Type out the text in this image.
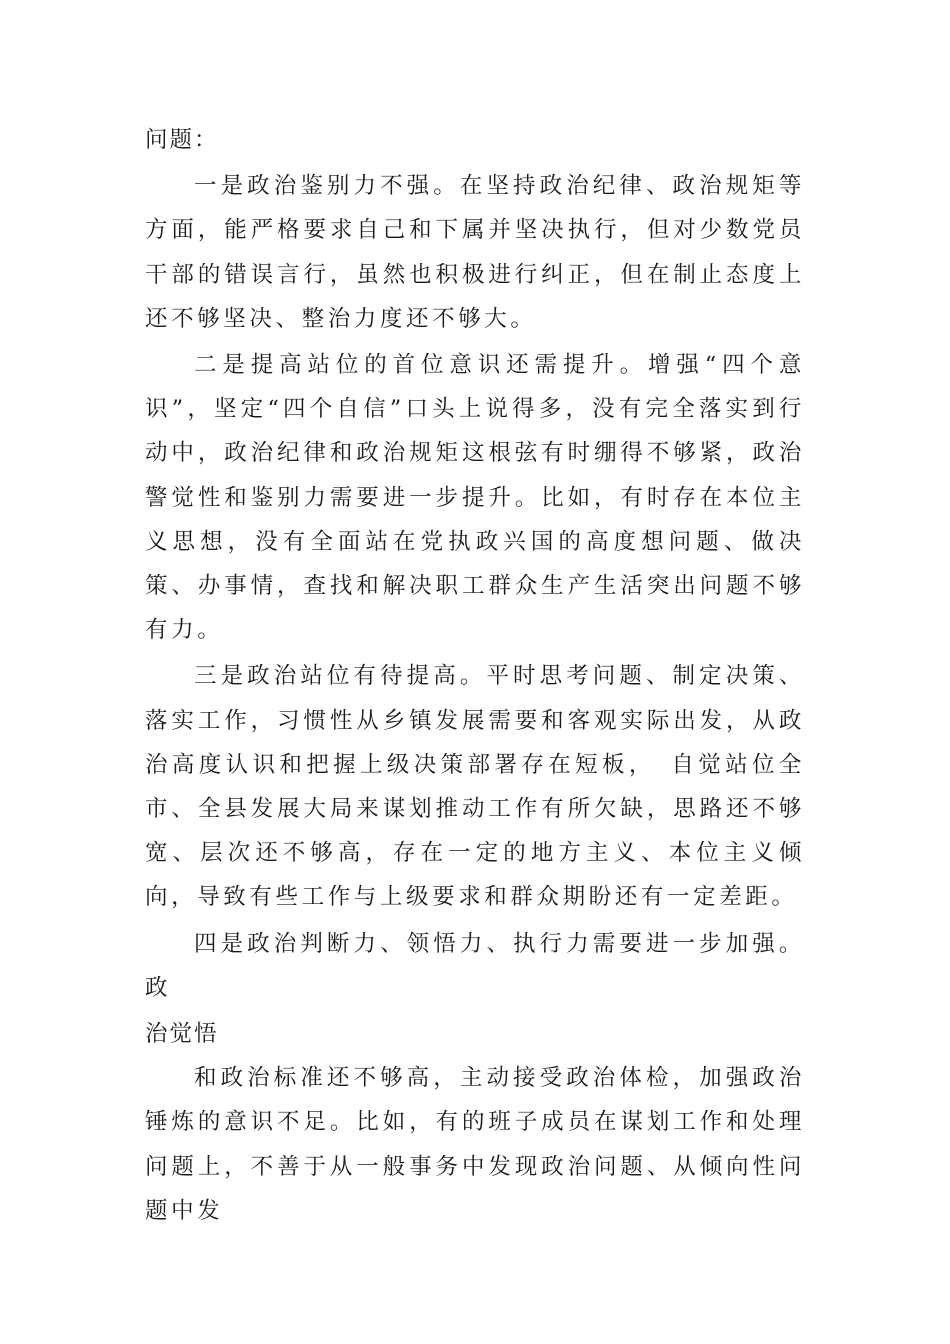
问题：

一是政治鉴别力不强。在坚持政治纪律、政治规矩等方面，能严格要求自己和下属并坚决执行，但对少数党员干部的错误言行，虽然也积极进行纠正，但在制止态度上还不够坚决、整治力度还不够大。

二是提高站位的首位意识还需提升。增强“四个意识”，坚定“四个自信”口头上说得多，没有完全落实到行动中，政治纪律和政治规矩这根弦有时绷得不够紧，政治警觉性和鉴别力需要进一步提升。比如，有时存在本位主义思想，没有全面站在党执政兴国的高度想问题、做决策、办事情，查找和解决职工群众生产生活突出问题不够有力。

三是政治站位有待提高。平时思考问题、制定决策、落实工作，习惯性从乡镇发展需要和客观实际出发，从政治高度认识和把握上级决策部署存在短板，　自觉站位全市、全县发展大局来谋划推动工作有所欠缺，思路还不够宽、层次还不够高，存在一定的地方主义、本位主义倾向，导致有些工作与上级要求和群众期盼还有一定差距。

四是政治判断力、领悟力、执行力需要进一步加强。政

治觉悟

和政治标准还不够高，主动接受政治体检，加强政治锤炼的意识不足。比如，有的班子成员在谋划工作和处理问题上，不善于从一般事务中发现政治问题、从倾向性问题中发
